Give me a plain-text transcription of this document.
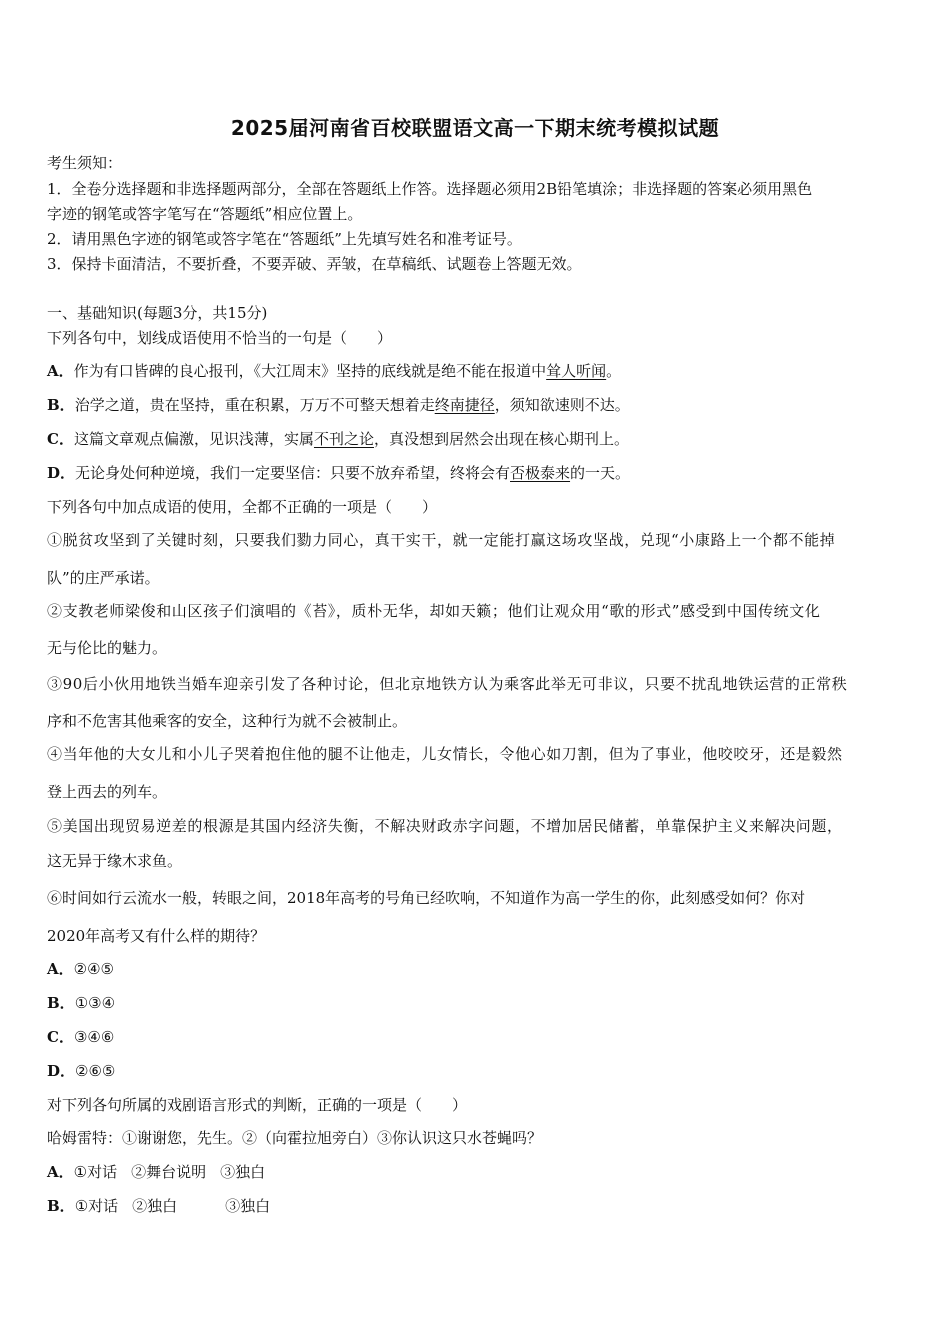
2025届河南省百校联盟语文高一下期末统考模拟试题
考生须知：
1．全卷分选择题和非选择题两部分，全部在答题纸上作答。选择题必须用2B铅笔填涂；非选择题的答案必须用黑色
字迹的钢笔或答字笔写在“答题纸”相应位置上。
2．请用黑色字迹的钢笔或答字笔在“答题纸”上先填写姓名和准考证号。
3．保持卡面清洁，不要折叠，不要弄破、弄皱，在草稿纸、试题卷上答题无效。
一、基础知识(每题3分，共15分)
下列各句中，划线成语使用不恰当的一句是（　　）
A．作为有口皆碑的良心报刊，《大江周末》坚持的底线就是绝不能在报道中耸人听闻。
B．治学之道，贵在坚持，重在积累，万万不可整天想着走终南捷径，须知欲速则不达。
C．这篇文章观点偏激，见识浅薄，实属不刊之论，真没想到居然会出现在核心期刊上。
D．无论身处何种逆境，我们一定要坚信：只要不放弃希望，终将会有否极泰来的一天。
下列各句中加点成语的使用，全都不正确的一项是（　　）
①脱贫攻坚到了关键时刻，只要我们勠力同心，真干实干，就一定能打赢这场攻坚战，兑现“小康路上一个都不能掉
队”的庄严承诺。
②支教老师梁俊和山区孩子们演唱的《苔》，质朴无华，却如天籁；他们让观众用“歌的形式”感受到中国传统文化
无与伦比的魅力。
③90后小伙用地铁当婚车迎亲引发了各种讨论，但北京地铁方认为乘客此举无可非议，只要不扰乱地铁运营的正常秩
序和不危害其他乘客的安全，这种行为就不会被制止。
④当年他的大女儿和小儿子哭着抱住他的腿不让他走，儿女情长，令他心如刀割，但为了事业，他咬咬牙，还是毅然
登上西去的列车。
⑤美国出现贸易逆差的根源是其国内经济失衡，不解决财政赤字问题，不增加居民储蓄，单靠保护主义来解决问题，
这无异于缘木求鱼。
⑥时间如行云流水一般，转眼之间，2018年高考的号角已经吹响，不知道作为高一学生的你，此刻感受如何？你对
2020年高考又有什么样的期待？
A．②④⑤
B．①③④
C．③④⑥
D．②⑥⑤
对下列各句所属的戏剧语言形式的判断，正确的一项是（　　）
哈姆雷特：①谢谢您，先生。②（向霍拉旭旁白）③你认识这只水苍蝇吗？
A．①对话 ②舞台说明 ③独白
B．①对话 ②独白	③独白
